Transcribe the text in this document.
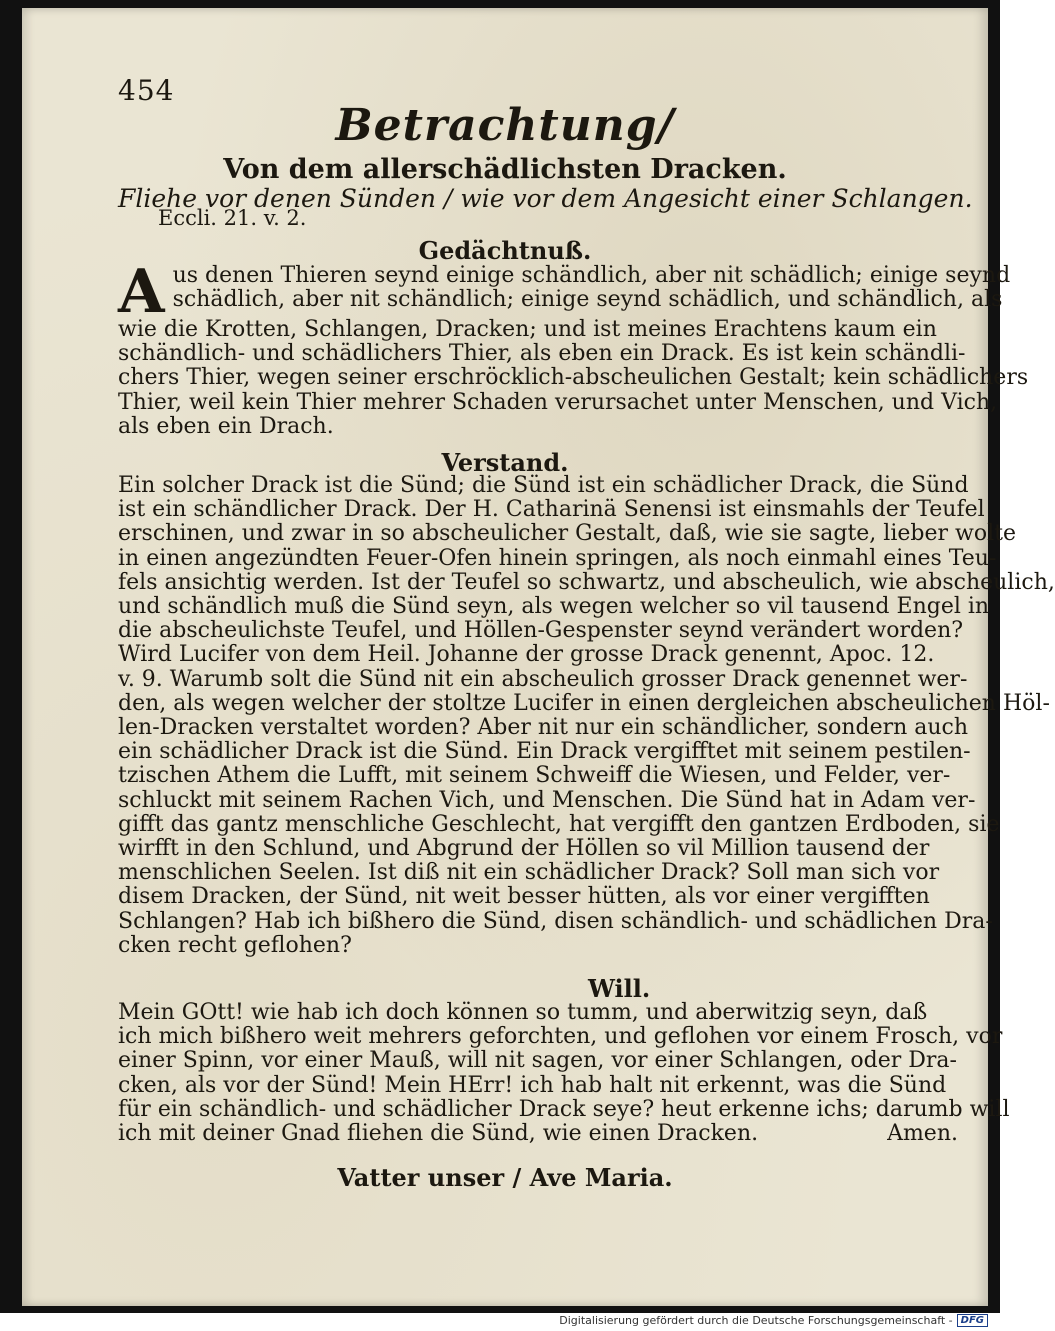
454
Betrachtung/
Von dem allerschädlichsten Dracken.
Fliehe vor denen Sünden / wie vor dem Angesicht einer Schlangen.
Eccli. 21. v. 2.
Gedächtnuß.
A us denen Thieren seynd einige schändlich, aber nit schädlich; einige seynd
schädlich, aber nit schändlich; einige seynd schädlich, und schändlich, als
wie die Krotten, Schlangen, Dracken; und ist meines Erachtens kaum ein
schändlich- und schädlichers Thier, als eben ein Drack. Es ist kein schändli-
chers Thier, wegen seiner erschröcklich-abscheulichen Gestalt; kein schädlichers
Thier, weil kein Thier mehrer Schaden verursachet unter Menschen, und Vich,
als eben ein Drach.
Verstand.
Ein solcher Drack ist die Sünd; die Sünd ist ein schädlicher Drack, die Sünd
ist ein schändlicher Drack. Der H. Catharinä Senensi ist einsmahls der Teufel
erschinen, und zwar in so abscheulicher Gestalt, daß, wie sie sagte, lieber wolte
in einen angezündten Feuer-Ofen hinein springen, als noch einmahl eines Teu-
fels ansichtig werden. Ist der Teufel so schwartz, und abscheulich, wie abscheulich,
und schändlich muß die Sünd seyn, als wegen welcher so vil tausend Engel in
die abscheulichste Teufel, und Höllen-Gespenster seynd verändert worden?
Wird Lucifer von dem Heil. Johanne der grosse Drack genennt, Apoc. 12.
v. 9. Warumb solt die Sünd nit ein abscheulich grosser Drack genennet wer-
den, als wegen welcher der stoltze Lucifer in einen dergleichen abscheulichen Höl-
len-Dracken verstaltet worden? Aber nit nur ein schändlicher, sondern auch
ein schädlicher Drack ist die Sünd. Ein Drack vergifftet mit seinem pestilen-
tzischen Athem die Lufft, mit seinem Schweiff die Wiesen, und Felder, ver-
schluckt mit seinem Rachen Vich, und Menschen. Die Sünd hat in Adam ver-
gifft das gantz menschliche Geschlecht, hat vergifft den gantzen Erdboden, sie
wirfft in den Schlund, und Abgrund der Höllen so vil Million tausend der
menschlichen Seelen. Ist diß nit ein schädlicher Drack? Soll man sich vor
disem Dracken, der Sünd, nit weit besser hütten, als vor einer vergifften
Schlangen? Hab ich bißhero die Sünd, disen schändlich- und schädlichen Dra-
cken recht geflohen?
Will.
Mein GOtt! wie hab ich doch können so tumm, und aberwitzig seyn, daß
ich mich bißhero weit mehrers geforchten, und geflohen vor einem Frosch, vor
einer Spinn, vor einer Mauß, will nit sagen, vor einer Schlangen, oder Dra-
cken, als vor der Sünd! Mein HErr! ich hab halt nit erkennt, was die Sünd
für ein schändlich- und schädlicher Drack seye? heut erkenne ichs; darumb will
ich mit deiner Gnad fliehen die Sünd, wie einen Dracken.	Amen.
Vatter unser / Ave Maria.
Digitalisierung gefördert durch die Deutsche Forschungsgemeinschaft - DFG
